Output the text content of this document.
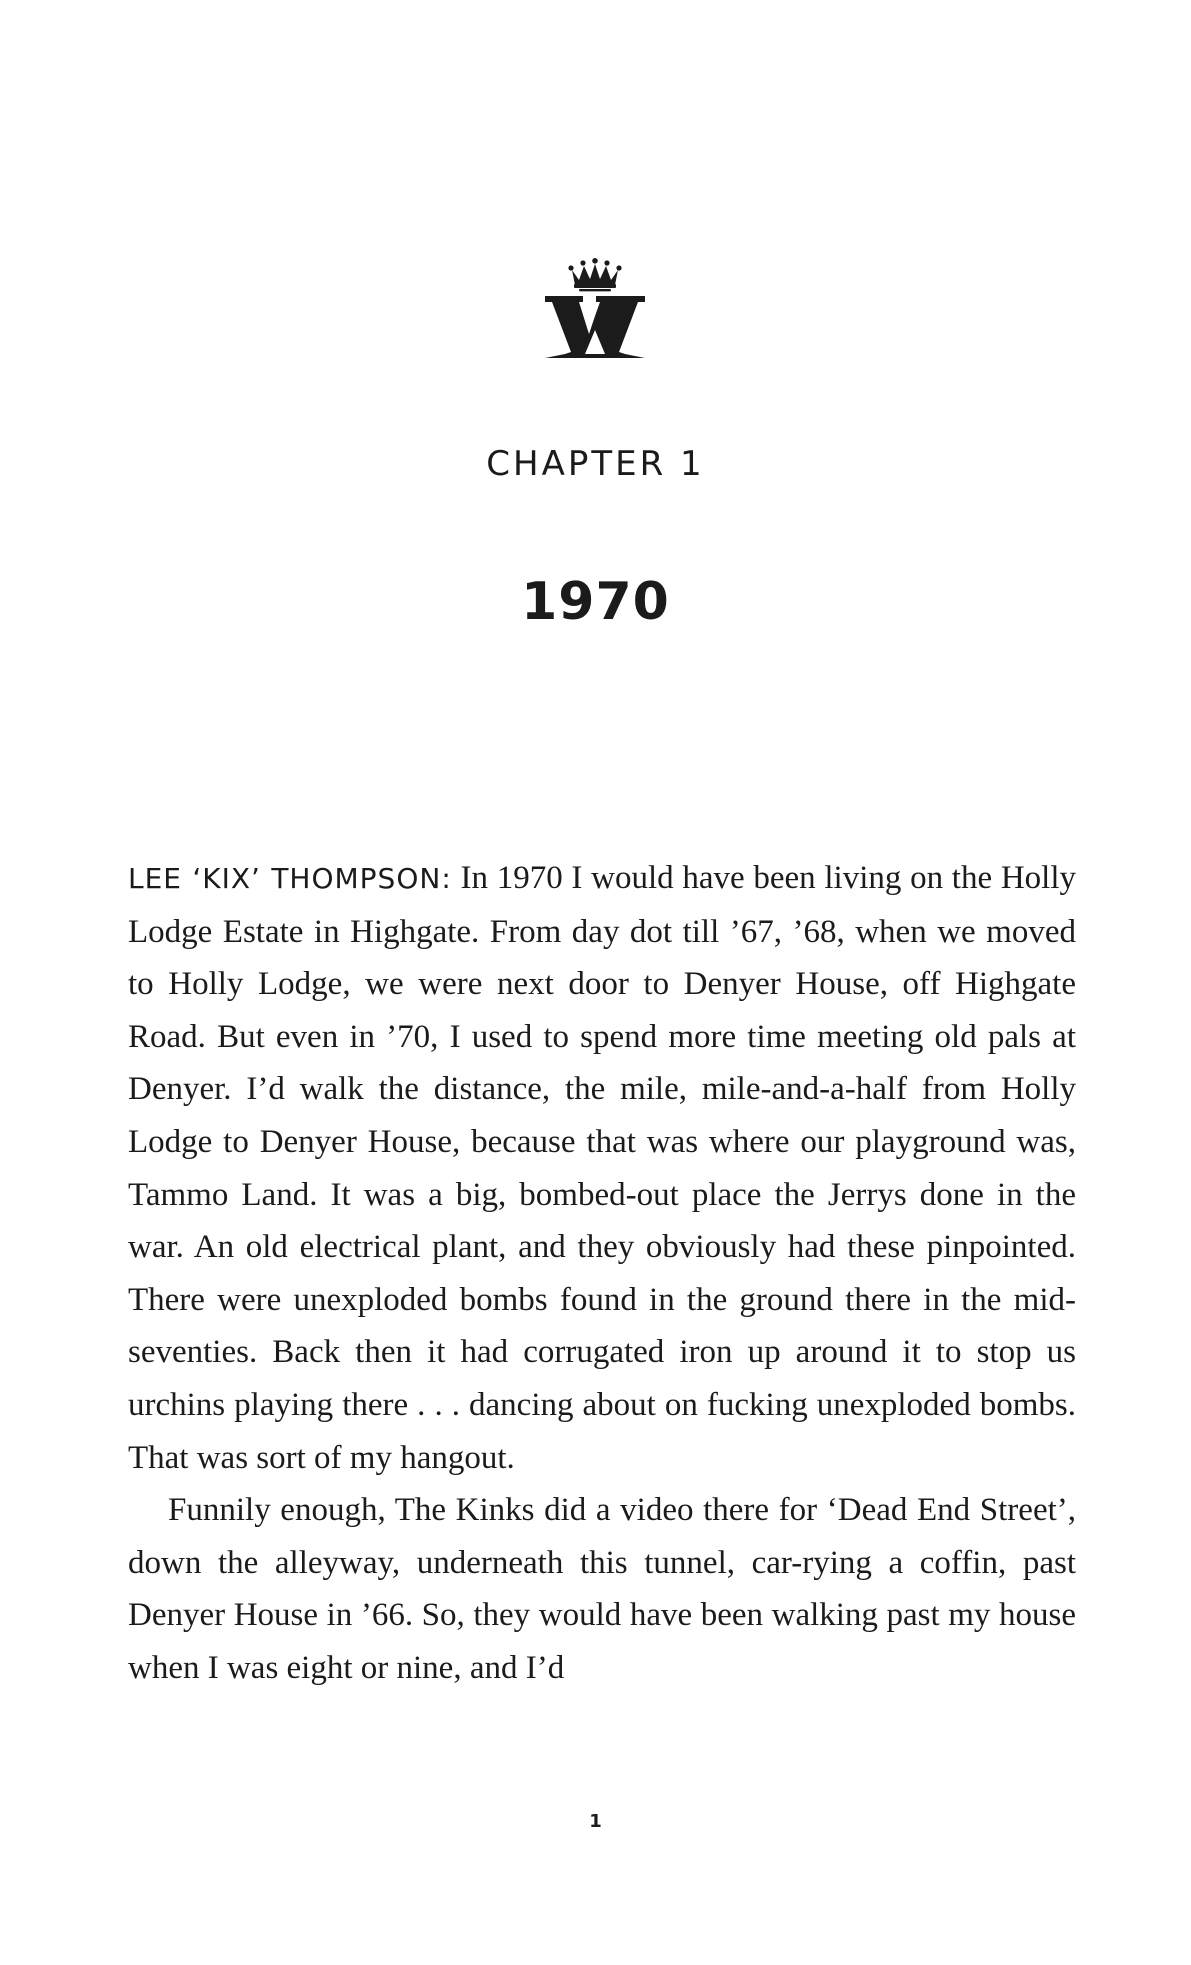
CHAPTER 1
1970

LEE ‘KIX’ THOMPSON: In 1970 I would have been living on the Holly Lodge Estate in Highgate. From day dot till ’67, ’68, when we moved to Holly Lodge, we were next door to Denyer House, off Highgate Road. But even in ’70, I used to spend more time meeting old pals at Denyer. I’d walk the distance, the mile, mile-and-a-half from Holly Lodge to Denyer House, because that was where our playground was, Tammo Land. It was a big, bombed-out place the Jerrys done in the war. An old electrical plant, and they obviously had these pinpointed. There were unexploded bombs found in the ground there in the mid-seventies. Back then it had corrugated iron up around it to stop us urchins playing there . . . dancing about on fucking unexploded bombs. That was sort of my hangout.

Funnily enough, The Kinks did a video there for ‘Dead End Street’, down the alleyway, underneath this tunnel, car-rying a coffin, past Denyer House in ’66. So, they would have been walking past my house when I was eight or nine, and I’d

1
